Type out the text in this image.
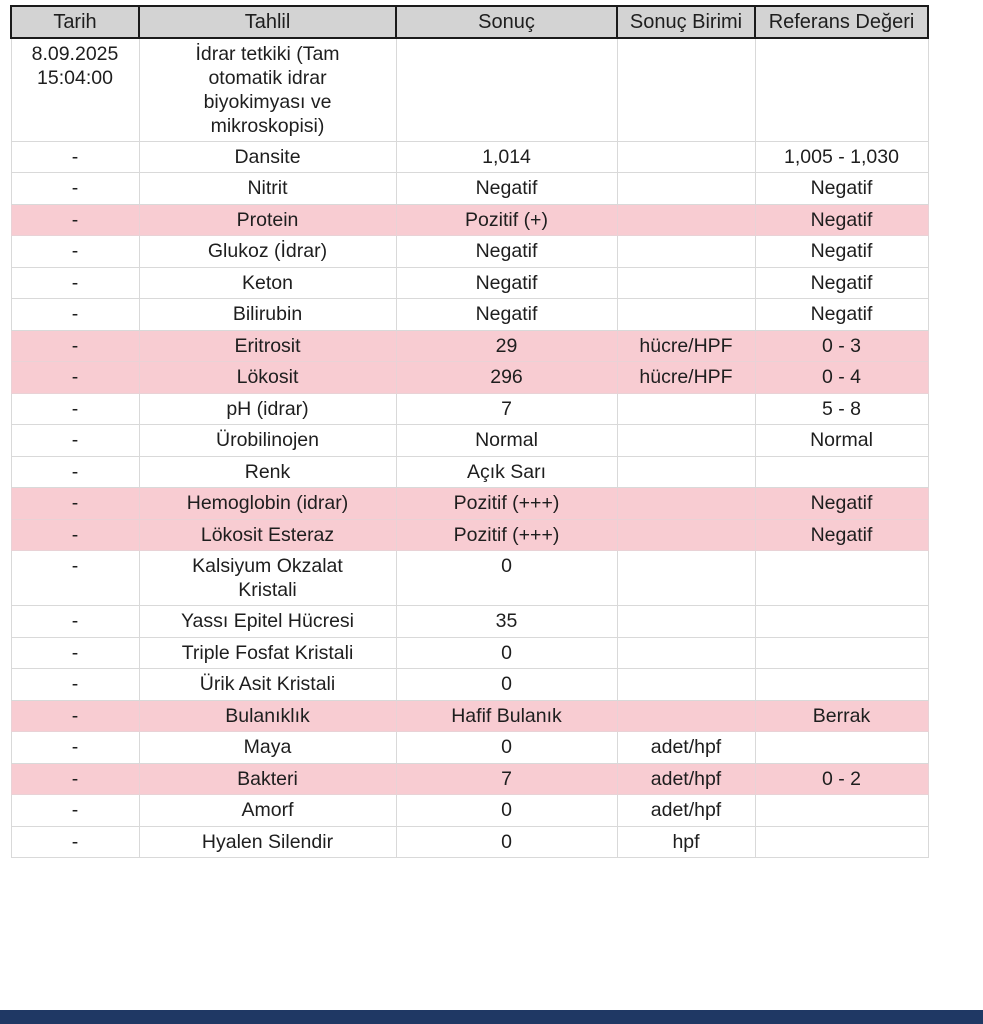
Tarih	Tahlil	Sonuç	Sonuç Birimi	Referans Değeri
8.09.2025 15:04:00	İdrar tetkiki (Tam otomatik idrar biyokimyası ve mikroskopisi)			
-	Dansite	1,014		1,005 - 1,030
-	Nitrit	Negatif		Negatif
-	Protein	Pozitif (+)		Negatif
-	Glukoz (İdrar)	Negatif		Negatif
-	Keton	Negatif		Negatif
-	Bilirubin	Negatif		Negatif
-	Eritrosit	29	hücre/HPF	0 - 3
-	Lökosit	296	hücre/HPF	0 - 4
-	pH (idrar)	7		5 - 8
-	Ürobilinojen	Normal		Normal
-	Renk	Açık Sarı		
-	Hemoglobin (idrar)	Pozitif (+++)		Negatif
-	Lökosit Esteraz	Pozitif (+++)		Negatif
-	Kalsiyum Okzalat Kristali	0		
-	Yassı Epitel Hücresi	35		
-	Triple Fosfat Kristali	0		
-	Ürik Asit Kristali	0		
-	Bulanıklık	Hafif Bulanık		Berrak
-	Maya	0	adet/hpf	
-	Bakteri	7	adet/hpf	0 - 2
-	Amorf	0	adet/hpf	
-	Hyalen Silendir	0	hpf	
